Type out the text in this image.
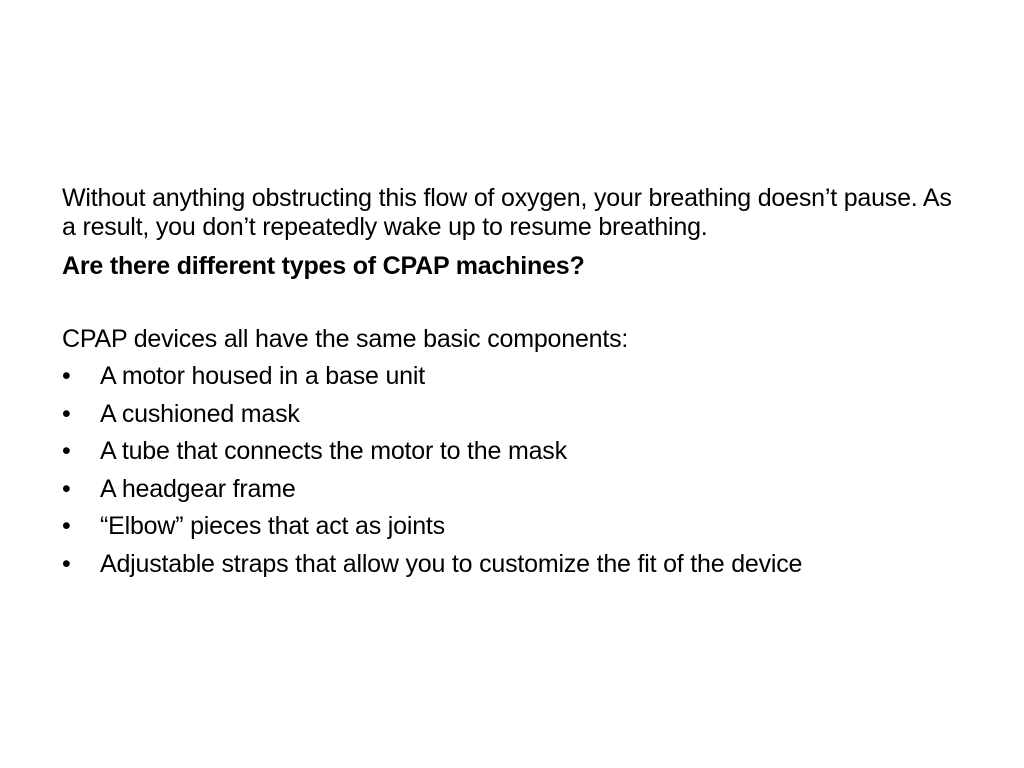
Without anything obstructing this flow of oxygen, your breathing doesn’t pause. As a result, you don’t repeatedly wake up to resume breathing.

Are there different types of CPAP machines?

CPAP devices all have the same basic components:

• A motor housed in a base unit
• A cushioned mask
• A tube that connects the motor to the mask
• A headgear frame
• “Elbow” pieces that act as joints
• Adjustable straps that allow you to customize the fit of the device
